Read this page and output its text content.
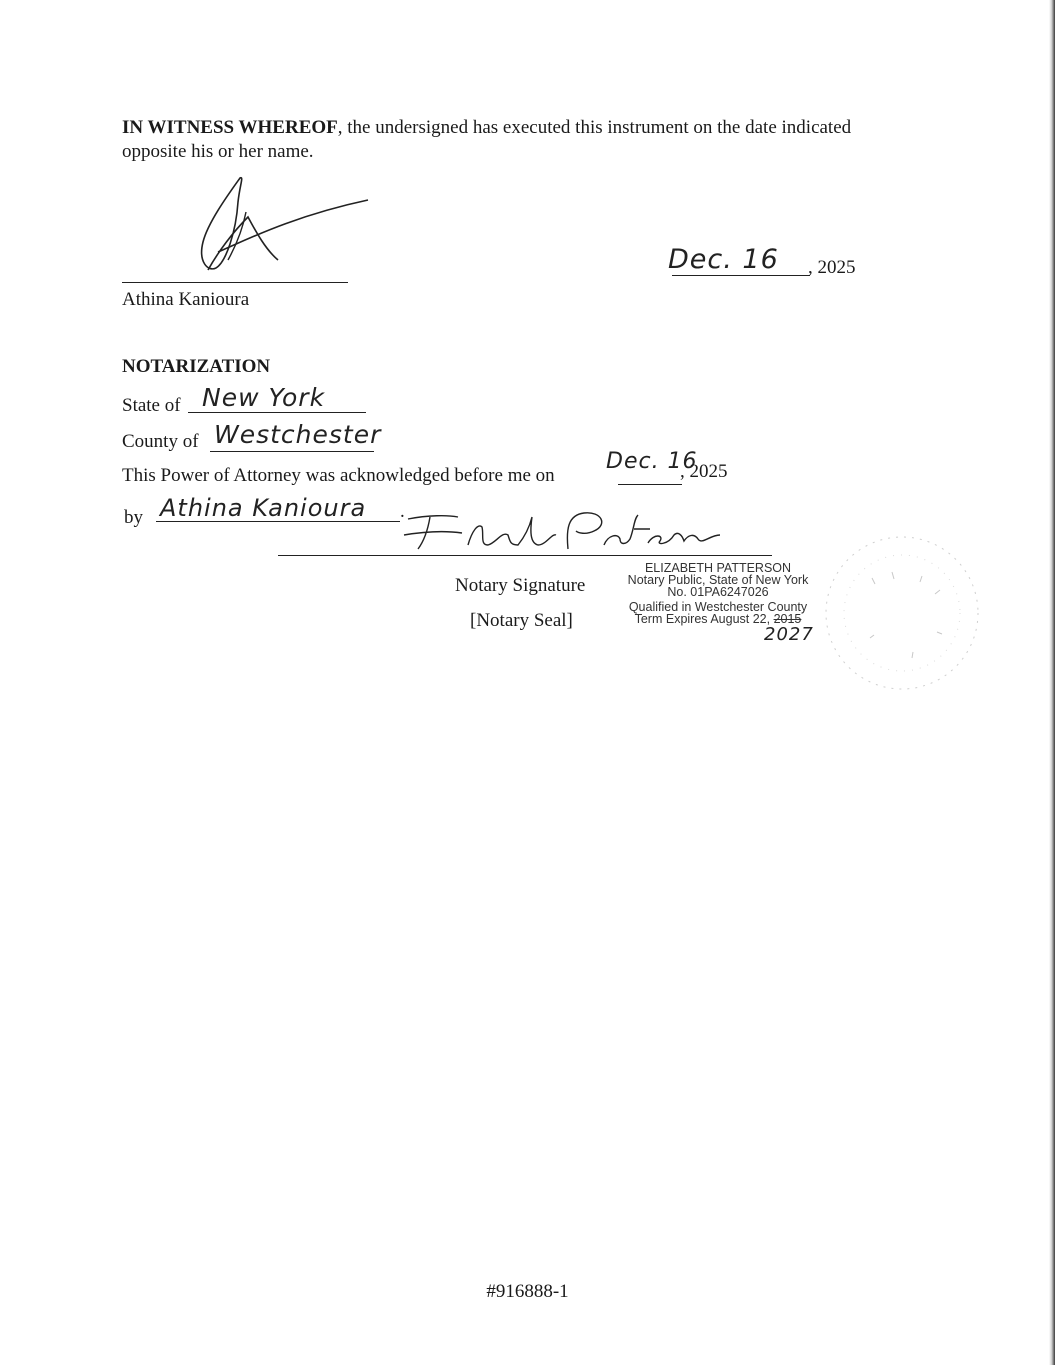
IN WITNESS WHEREOF, the undersigned has executed this instrument on the date indicated
opposite his or her name.
Athina Kanioura
Dec. 16 , 2025
NOTARIZATION
State of New York
County of Westchester
This Power of Attorney was acknowledged before me on
Dec. 16
, 2025
by Athina Kanioura .
Notary Signature
[Notary Seal]
ELIZABETH PATTERSON
Notary Public, State of New York
No. 01PA6247026
Qualified in Westchester County
Term Expires August 22, 2015
2027
#916888-1
